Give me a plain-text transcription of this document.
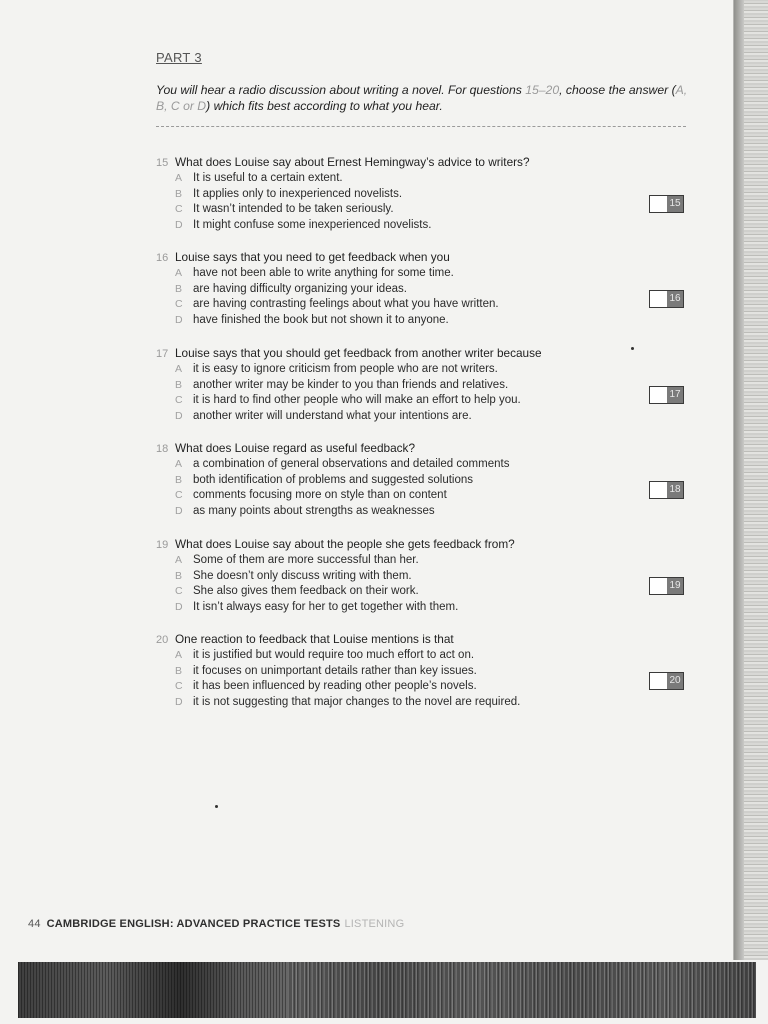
PART 3
You will hear a radio discussion about writing a novel. For questions 15–20, choose the answer (A, B, C or D) which fits best according to what you hear.
15 What does Louise say about Ernest Hemingway’s advice to writers?
A It is useful to a certain extent.
B It applies only to inexperienced novelists.
C It wasn’t intended to be taken seriously.
D It might confuse some inexperienced novelists.
15
16 Louise says that you need to get feedback when you
A have not been able to write anything for some time.
B are having difficulty organizing your ideas.
C are having contrasting feelings about what you have written.
D have finished the book but not shown it to anyone.
16
17 Louise says that you should get feedback from another writer because
A it is easy to ignore criticism from people who are not writers.
B another writer may be kinder to you than friends and relatives.
C it is hard to find other people who will make an effort to help you.
D another writer will understand what your intentions are.
17
18 What does Louise regard as useful feedback?
A a combination of general observations and detailed comments
B both identification of problems and suggested solutions
C comments focusing more on style than on content
D as many points about strengths as weaknesses
18
19 What does Louise say about the people she gets feedback from?
A Some of them are more successful than her.
B She doesn’t only discuss writing with them.
C She also gives them feedback on their work.
D It isn’t always easy for her to get together with them.
19
20 One reaction to feedback that Louise mentions is that
A it is justified but would require too much effort to act on.
B it focuses on unimportant details rather than key issues.
C it has been influenced by reading other people’s novels.
D it is not suggesting that major changes to the novel are required.
20
44 CAMBRIDGE ENGLISH: ADVANCED PRACTICE TESTS LISTENING
